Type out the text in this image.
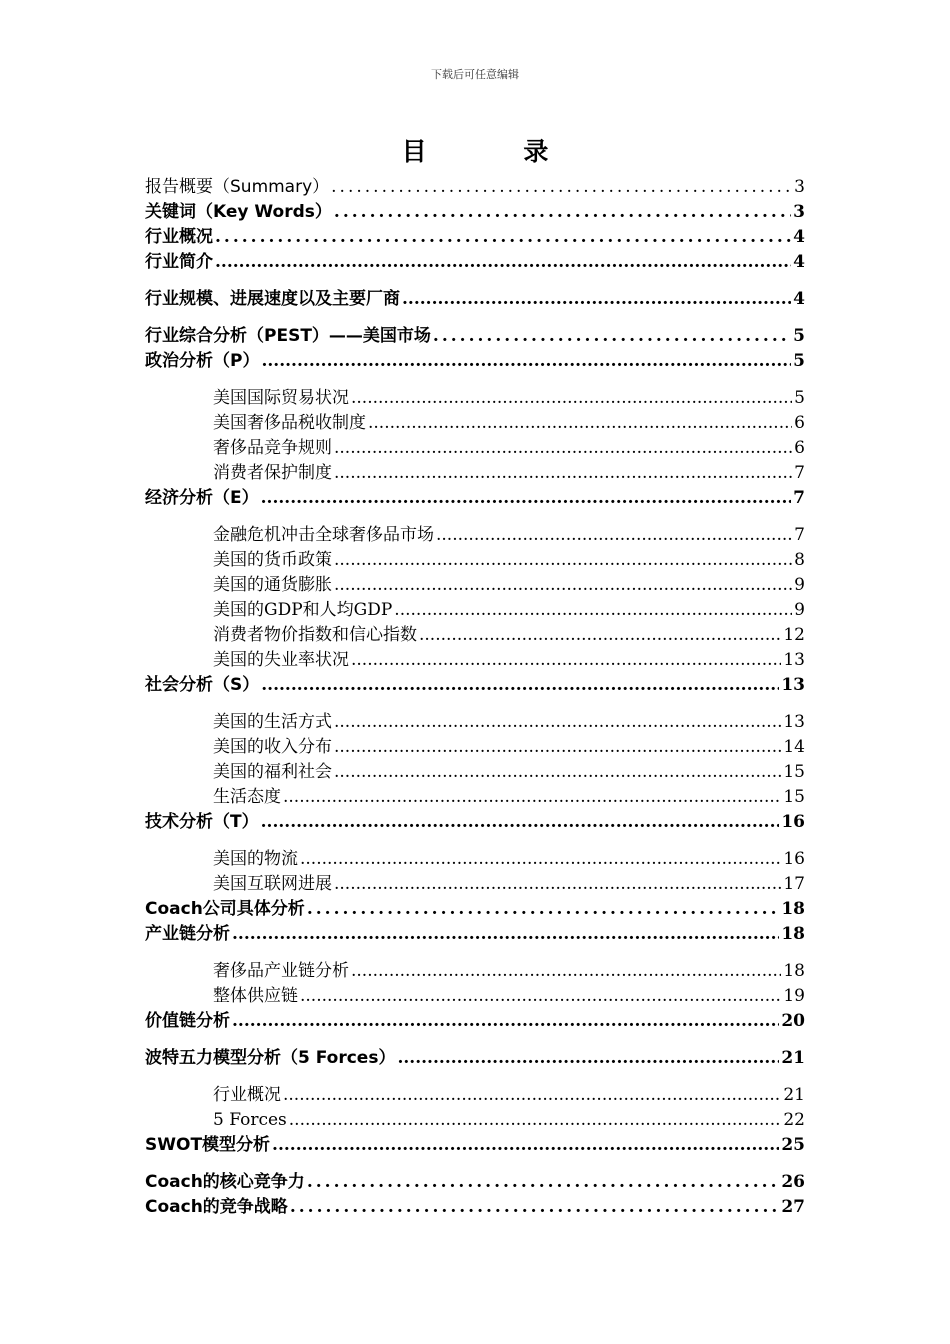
下载后可任意编辑
目 录
报告概要（Summary） .....	3
关键词（Key Words） .....	3
行业概况 .....	4
行业简介 .....	4
行业规模、进展速度以及主要厂商 .....	4
行业综合分析（PEST）——美国市场 .....	5
政治分析（P） .....	5
美国国际贸易状况 .....	5
美国奢侈品税收制度 .....	6
奢侈品竞争规则 .....	6
消费者保护制度 .....	7
经济分析（E） .....	7
金融危机冲击全球奢侈品市场 .....	7
美国的货币政策 .....	8
美国的通货膨胀 .....	9
美国的GDP和人均GDP .....	9
消费者物价指数和信心指数 .....	12
美国的失业率状况 .....	13
社会分析（S） .....	13
美国的生活方式 .....	13
美国的收入分布 .....	14
美国的福利社会 .....	15
生活态度 .....	15
技术分析（T） .....	16
美国的物流 .....	16
美国互联网进展 .....	17
Coach公司具体分析 .....	18
产业链分析 .....	18
奢侈品产业链分析 .....	18
整体供应链 .....	19
价值链分析 .....	20
波特五力模型分析（5 Forces） .....	21
行业概况 .....	21
5 Forces .....	22
SWOT模型分析 .....	25
Coach的核心竞争力 .....	26
Coach的竞争战略 .....	27
